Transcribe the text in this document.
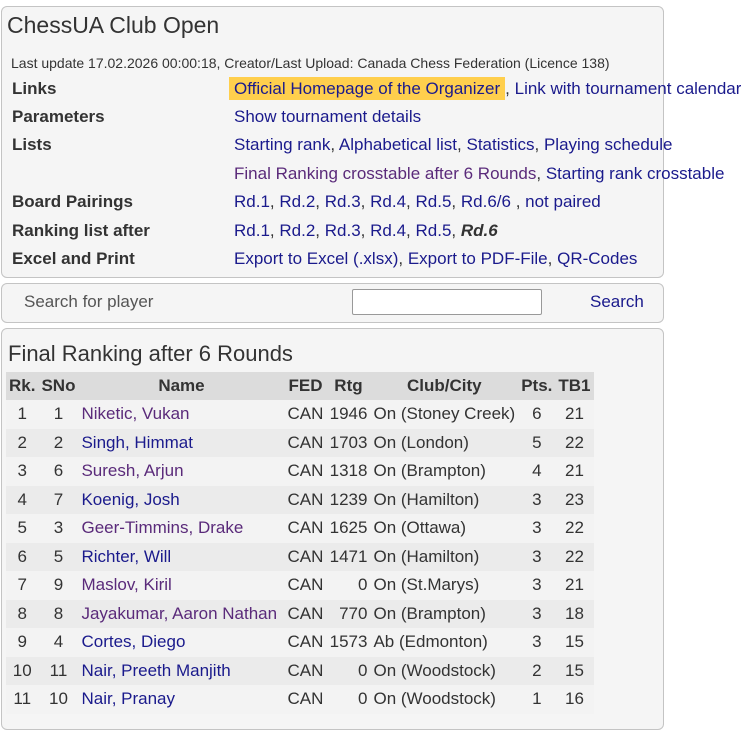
ChessUA Club Open
Last update 17.02.2026 00:00:18, Creator/Last Upload: Canada Chess Federation (Licence 138)
Links	Official Homepage of the Organizer , Link with tournament calendar
Parameters	Show tournament details
Lists	Starting rank, Alphabetical list, Statistics, Playing schedule
Final Ranking crosstable after 6 Rounds, Starting rank crosstable
Board Pairings	Rd.1, Rd.2, Rd.3, Rd.4, Rd.5, Rd.6/6 , not paired
Ranking list after	Rd.1, Rd.2, Rd.3, Rd.4, Rd.5, Rd.6
Excel and Print	Export to Excel (.xlsx), Export to PDF-File, QR-Codes
Search for player	Search
Final Ranking after 6 Rounds
Rk.	SNo	Name	FED	Rtg	Club/City	Pts.	TB1
1	1	Niketic, Vukan	CAN	1946	On (Stoney Creek)	6	21
2	2	Singh, Himmat	CAN	1703	On (London)	5	22
3	6	Suresh, Arjun	CAN	1318	On (Brampton)	4	21
4	7	Koenig, Josh	CAN	1239	On (Hamilton)	3	23
5	3	Geer-Timmins, Drake	CAN	1625	On (Ottawa)	3	22
6	5	Richter, Will	CAN	1471	On (Hamilton)	3	22
7	9	Maslov, Kiril	CAN	0	On (St.Marys)	3	21
8	8	Jayakumar, Aaron Nathan	CAN	770	On (Brampton)	3	18
9	4	Cortes, Diego	CAN	1573	Ab (Edmonton)	3	15
10	11	Nair, Preeth Manjith	CAN	0	On (Woodstock)	2	15
11	10	Nair, Pranay	CAN	0	On (Woodstock)	1	16
